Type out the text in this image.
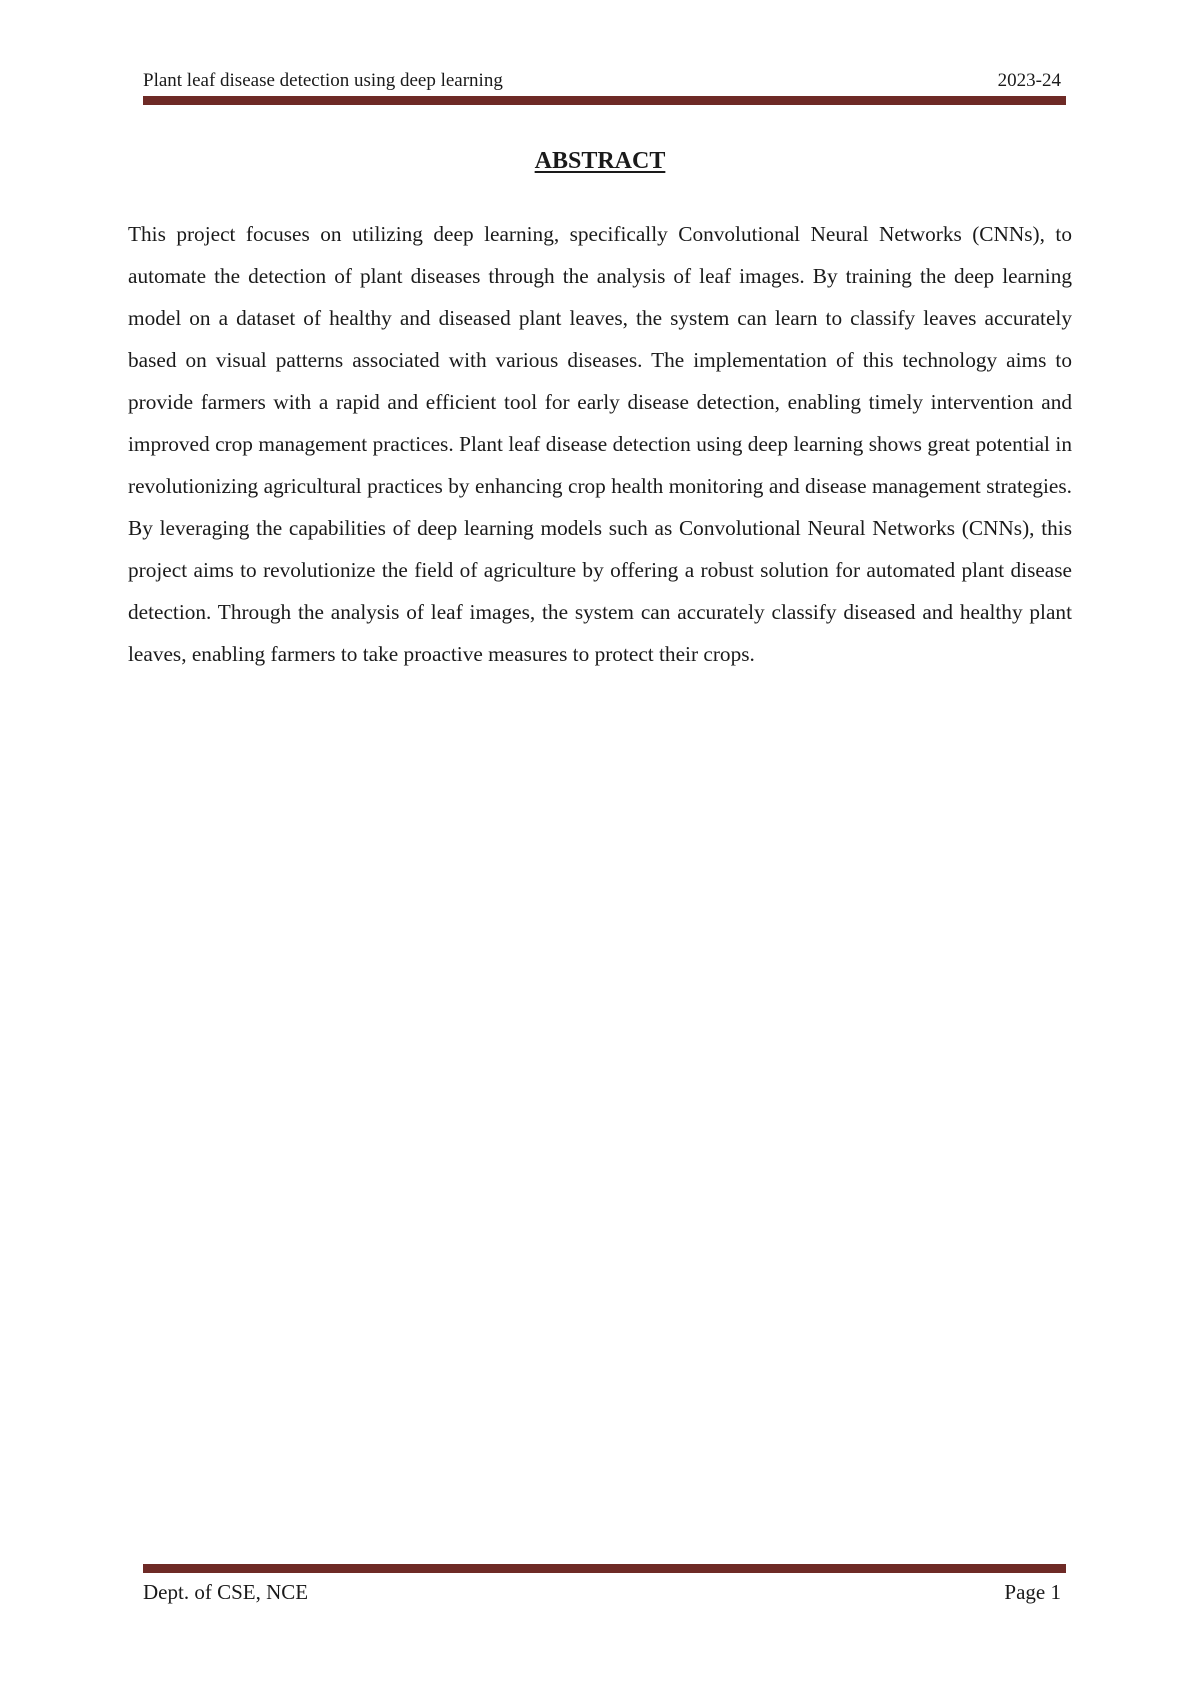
Plant leaf disease detection using deep learning	2023-24
ABSTRACT

This project focuses on utilizing deep learning, specifically Convolutional Neural Networks (CNNs), to automate the detection of plant diseases through the analysis of leaf images. By training the deep learning model on a dataset of healthy and diseased plant leaves, the system can learn to classify leaves accurately based on visual patterns associated with various diseases. The implementation of this technology aims to provide farmers with a rapid and efficient tool for early disease detection, enabling timely intervention and improved crop management practices. Plant leaf disease detection using deep learning shows great potential in revolutionizing agricultural practices by enhancing crop health monitoring and disease management strategies. By leveraging the capabilities of deep learning models such as Convolutional Neural Networks (CNNs), this project aims to revolutionize the field of agriculture by offering a robust solution for automated plant disease detection. Through the analysis of leaf images, the system can accurately classify diseased and healthy plant leaves, enabling farmers to take proactive measures to protect their crops.

Dept. of CSE, NCE	Page 1
